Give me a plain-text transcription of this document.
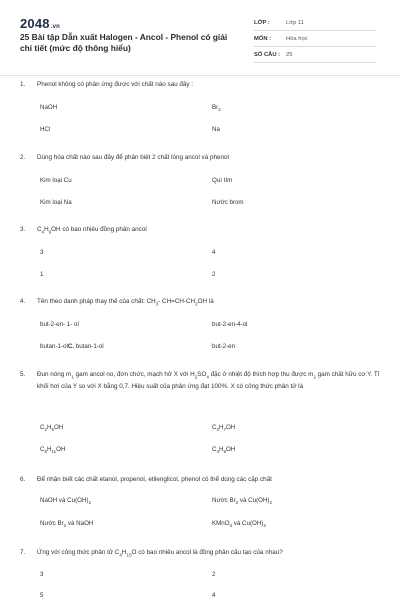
2048.vn
25 Bài tập Dẫn xuất Halogen - Ancol - Phenol có giải chi tiết (mức độ thông hiểu)
LỚP :	Lớp 11
MÔN :	Hóa học
SỐ CÂU :	25
1.	Phenol không có phản ứng được với chất nào sau đây :
NaOH	$Br_2$
HCl	Na
2.	Dùng hóa chất nào sau đây để phân biệt 2 chất lỏng ancol và phenol
Kim loại Cu	Quì tím
Kim loại Na	Nước brom
3.	$C_4H_9OH$ có bao nhiêu đồng phân ancol
3	4
1	2
4.	Tên theo danh pháp thay thế của chất: $CH_3-$ $CH=CH-CH_2OH$ là
but-2-en- 1- ol	but-2-en-4-ol
butan-1-olC. butan-1-ol	but-2-en
5.	Đun nóng $m_1$ gam ancol no, đơn chức, mạch hở X với $H_2SO_4$ đặc ở nhiệt độ thích hợp thu được $m_2$ gam chất hữu cơ Y. Tỉ khối hơi của Y so với X bằng 0,7. Hiệu suất của phản ứng đạt 100%. X có công thức phân tử là
$C_2H_5OH$	$C_3H_7OH$
$C_5H_{11}OH$	$C_4H_9OH$
6.	Để nhận biết các chất etanol, propenol, etilenglicol, phenol có thể dùng các cặp chất
NaOH và $Cu(OH)_2$	Nước $Br_2$ và $Cu(OH)_2$
Nước $Br_2$ và NaOH	KMnO$_4$ và $Cu(OH)_2$
7.	Ứng với công thức phân tử $C_4H_{10}O$ có bao nhiêu ancol là đồng phân cấu tạo của nhau?
3	2
5	4
